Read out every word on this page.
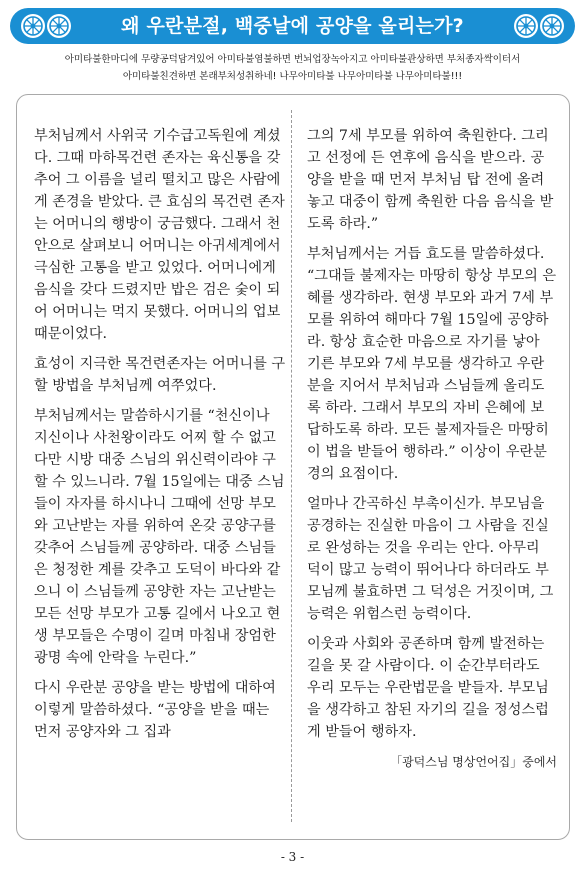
왜 우란분절, 백중날에 공양을 올리는가?
아미타불한마디에 무량공덕담겨있어 아미타불염불하면 번뇌업장녹아지고 아미타불관상하면 부처종자싹이터서
아미타불친견하면 본래부처성취하네! 나무아미타불 나무아미타불 나무아미타불!!!

부처님께서 사위국 기수급고독원에 계셨다. 그때 마하목건련 존자는 육신통을 갖추어 그 이름을 널리 떨치고 많은 사람에게 존경을 받았다. 큰 효심의 목건련 존자는 어머니의 행방이 궁금했다. 그래서 천안으로 살펴보니 어머니는 아귀세계에서 극심한 고통을 받고 있었다. 어머니에게 음식을 갖다 드렸지만 밥은 검은 숯이 되어 어머니는 먹지 못했다. 어머니의 업보 때문이었다.

효성이 지극한 목건련존자는 어머니를 구할 방법을 부처님께 여쭈었다.

부처님께서는 말씀하시기를 “천신이나 지신이나 사천왕이라도 어찌 할 수 없고 다만 시방 대중 스님의 위신력이라야 구할 수 있느니라. 7월 15일에는 대중 스님들이 자자를 하시나니 그때에 선망 부모와 고난받는 자를 위하여 온갖 공양구를 갖추어 스님들께 공양하라. 대중 스님들은 청정한 계를 갖추고 도덕이 바다와 같으니 이 스님들께 공양한 자는 고난받는 모든 선망 부모가 고통 길에서 나오고 현생 부모들은 수명이 길며 마침내 장엄한 광명 속에 안락을 누린다.”

다시 우란분 공양을 받는 방법에 대하여 이렇게 말씀하셨다. “공양을 받을 때는 먼저 공양자와 그 집과

그의 7세 부모를 위하여 축원한다. 그리고 선정에 든 연후에 음식을 받으라. 공양을 받을 때 먼저 부처님 탑 전에 올려놓고 대중이 함께 축원한 다음 음식을 받도록 하라.”

부처님께서는 거듭 효도를 말씀하셨다. “그대들 불제자는 마땅히 항상 부모의 은혜를 생각하라. 현생 부모와 과거 7세 부모를 위하여 해마다 7월 15일에 공양하라. 항상 효순한 마음으로 자기를 낳아 기른 부모와 7세 부모를 생각하고 우란분을 지어서 부처님과 스님들께 올리도록 하라. 그래서 부모의 자비 은혜에 보답하도록 하라. 모든 불제자들은 마땅히 이 법을 받들어 행하라.” 이상이 우란분경의 요점이다.

얼마나 간곡하신 부촉이신가. 부모님을 공경하는 진실한 마음이 그 사람을 진실로 완성하는 것을 우리는 안다. 아무리 덕이 많고 능력이 뛰어나다 하더라도 부모님께 불효하면 그 덕성은 거짓이며, 그 능력은 위험스런 능력이다.

이웃과 사회와 공존하며 함께 발전하는 길을 못 갈 사람이다. 이 순간부터라도 우리 모두는 우란법문을 받들자. 부모님을 생각하고 참된 자기의 길을 정성스럽게 받들어 행하자.

「광덕스님 명상언어집」중에서
- 3 -
